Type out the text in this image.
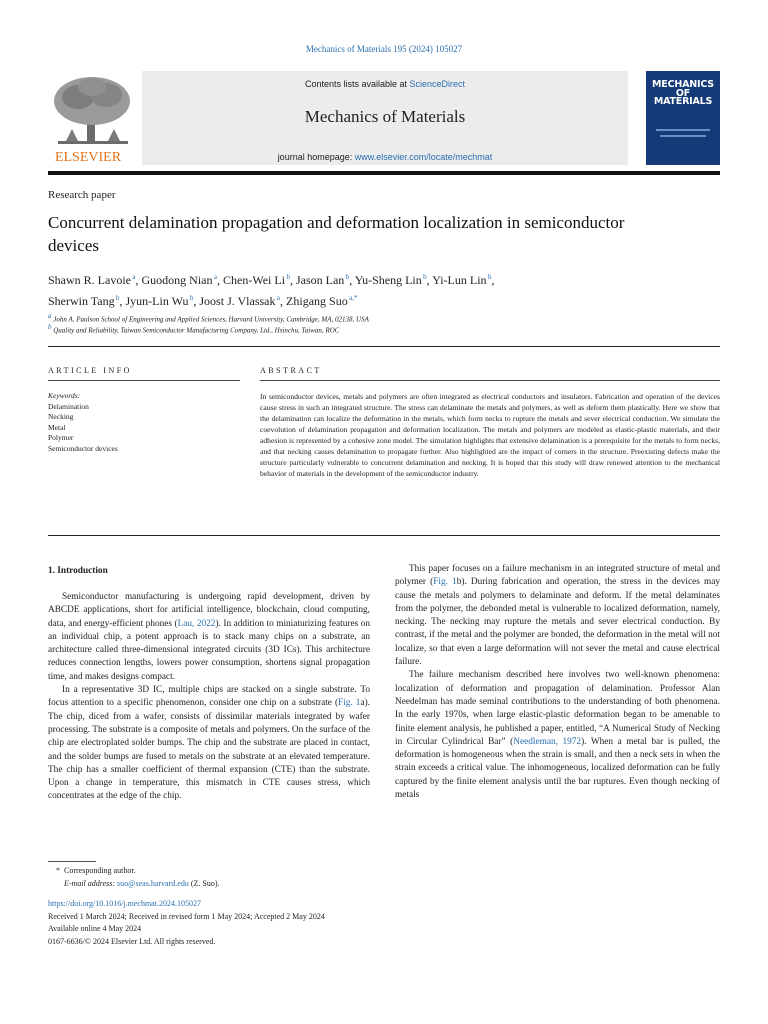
Mechanics of Materials 195 (2024) 105027
ELSEVIER
Contents lists available at ScienceDirect
Mechanics of Materials
journal homepage: www.elsevier.com/locate/mechmat
MECHANICS OF MATERIALS
Research paper
Concurrent delamination propagation and deformation localization in semiconductor devices
Shawn R. Lavoie $^a$, Guodong Nian $^a$, Chen-Wei Li $^b$, Jason Lan $^b$, Yu-Sheng Lin $^b$, Yi-Lun Lin $^b$,
Sherwin Tang $^b$, Jyun-Lin Wu $^b$, Joost J. Vlassak $^a$, Zhigang Suo $^{a,*}$
$^a$ John A. Paulson School of Engineering and Applied Sciences, Harvard University, Cambridge, MA, 02138, USA
$^b$ Quality and Reliability, Taiwan Semiconductor Manufacturing Company, Ltd., Hsinchu, Taiwan, ROC
ARTICLE INFO	ABSTRACT
Keywords:
Delamination
Necking
Metal
Polymer
Semiconductor devices
In semiconductor devices, metals and polymers are often integrated as electrical conductors and insulators. Fabrication and operation of the devices cause stress in such an integrated structure. The stress can delaminate the metals and polymers, as well as deform them plastically. Here we show that the delamination can localize the deformation in the metals, which form necks to rupture the metals and sever electrical conduction. We simulate the coevolution of delamination propagation and deformation localization. The metals and polymers are modeled as elastic-plastic materials, and their adhesion is represented by a cohesive zone model. The simulation highlights that extensive delamination is a prerequisite for the metals to form necks, and that necking causes delamination to propagate further. Also highlighted are the impact of corners in the structure. Preexisting defects make the structure particularly vulnerable to concurrent delamination and necking. It is hoped that this study will draw renewed attention to the mechanical behavior of materials in the development of the semiconductor industry.
1. Introduction

Semiconductor manufacturing is undergoing rapid development, driven by ABCDE applications, short for artificial intelligence, blockchain, cloud computing, data, and energy-efficient phones (Lau, 2022). In addition to miniaturizing features on an individual chip, a potent approach is to stack many chips on a substrate, an architecture called three-dimensional integrated circuits (3D ICs). This architecture reduces connection lengths, lowers power consumption, shortens signal propagation time, and makes designs compact.

In a representative 3D IC, multiple chips are stacked on a single substrate. To focus attention to a specific phenomenon, consider one chip on a substrate (Fig. 1a). The chip, diced from a wafer, consists of dissimilar materials integrated by wafer processing. The substrate is a composite of metals and polymers. On the surface of the chip are electroplated solder bumps. The chip and the substrate are placed in contact, and the solder bumps are fused to metals on the substrate at an elevated temperature. The chip has a smaller coefficient of thermal expansion (CTE) than the substrate. Upon a change in temperature, this mismatch in CTE causes stress, which concentrates at the edge of the chip.

This paper focuses on a failure mechanism in an integrated structure of metal and polymer (Fig. 1b). During fabrication and operation, the stress in the devices may cause the metals and polymers to delaminate and deform. If the metal delaminates from the polymer, the debonded metal is vulnerable to localized deformation, namely, necking. The necking may rupture the metals and sever electrical conduction. By contrast, if the metal and the polymer are bonded, the deformation in the metal will not localize, so that even a large deformation will not sever the metal and cause electrical failure.

The failure mechanism described here involves two well-known phenomena: localization of deformation and propagation of delamination. Professor Alan Needelman has made seminal contributions to the understanding of both phenomena. In the early 1970s, when large elastic-plastic deformation began to be amenable to finite element analysis, he published a paper, entitled, “A Numerical Study of Necking in Circular Cylindrical Bar” (Needleman, 1972). When a metal bar is pulled, the deformation is homogeneous when the strain is small, and then a neck sets in when the strain exceeds a critical value. The inhomogeneous, localized deformation can be fully captured by the finite element analysis until the bar ruptures. Even though necking of metals

* Corresponding author.
E-mail address: suo@seas.harvard.edu (Z. Suo).
https://doi.org/10.1016/j.mechmat.2024.105027
Received 1 March 2024; Received in revised form 1 May 2024; Accepted 2 May 2024
Available online 4 May 2024
0167-6636/© 2024 Elsevier Ltd. All rights reserved.
